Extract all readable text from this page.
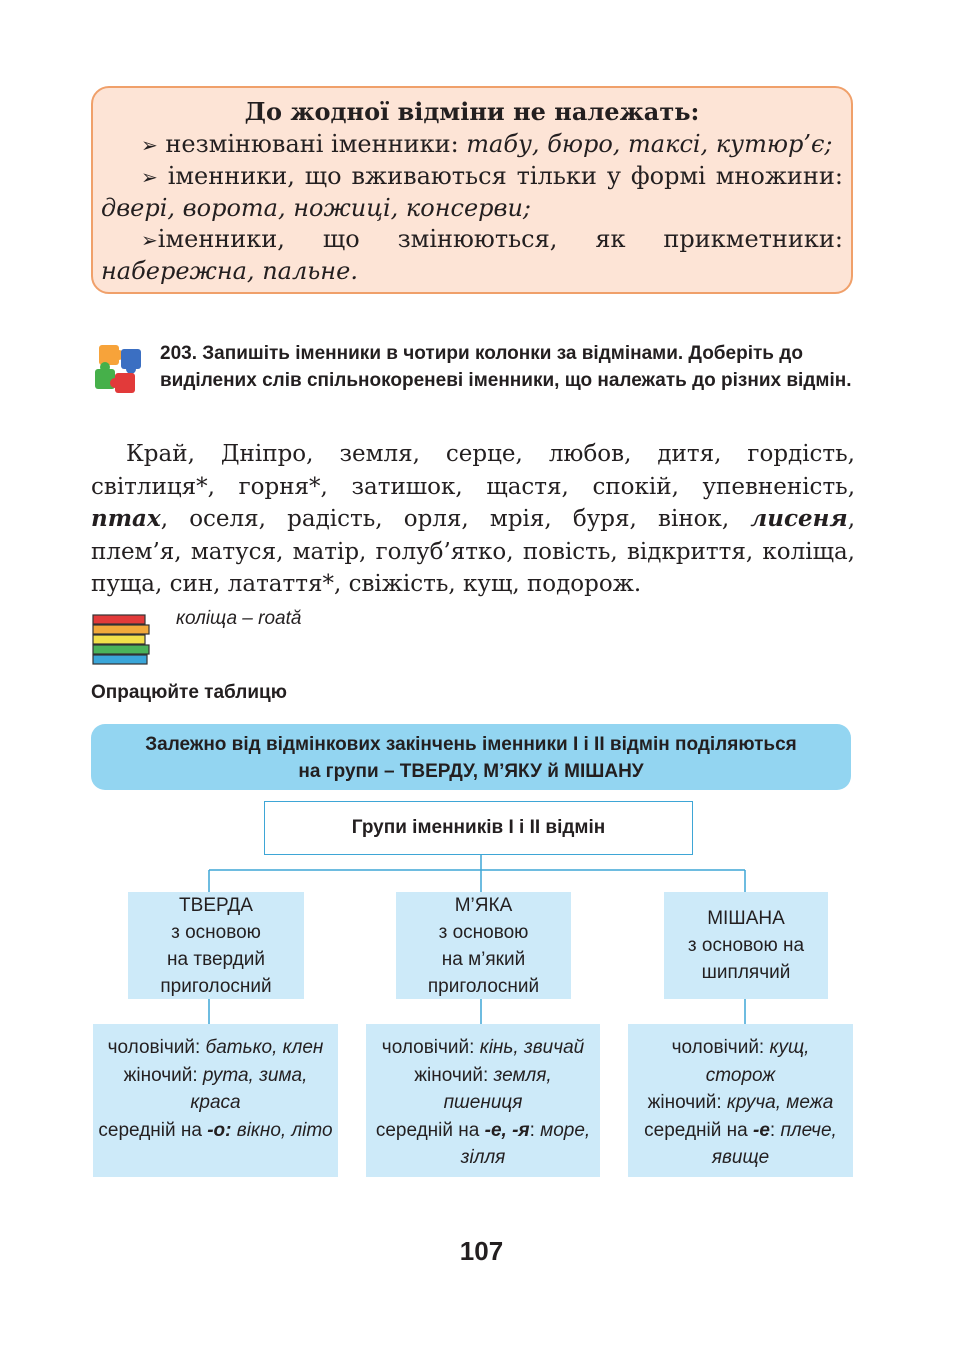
До жодної відміни не належать:
➢ незмінювані іменники: табу, бюро, таксі, кутюр’є;
➢ іменники, що вживаються тільки у формі множини: двері, ворота, ножиці, консерви;
➢іменники, що змінюються, як прикметники: набережна, пальне.
203. Запишіть іменники в чотири колонки за відмінами. Доберіть до виділених слів спільнокореневі іменники, що належать до різних відмін.
Край, Дніпро, земля, серце, любов, дитя, гордість, світлиця*, горня*, затишок, щастя, спокій, упевненість, птах, оселя, радість, орля, мрія, буря, вінок, лисеня, плем’я, матуся, матір, голуб’ятко, повість, відкриття, коліща, пуща, син, латаття*, свіжість, кущ, подорож.
коліща – roată
Опрацюйте таблицю
Залежно від відмінкових закінчень іменники I і II відмін поділяються
на групи – ТВЕРДУ, М’ЯКУ й МІШАНУ
Групи іменників I і II відмін
ТВЕРДА
з основою
на твердий
приголосний
М’ЯКА
з основою
на м’який
приголосний
МІШАНА
з основою на
шиплячий
чоловічий: батько, клен
жіночий: рута, зима, краса
середній на -о: вікно, літо
чоловічий: кінь, звичай
жіночий: земля, пшениця
середній на -е, -я: море, зілля
чоловічий: кущ, сторож
жіночий: круча, межа
середній на -е: плече, явище
107
